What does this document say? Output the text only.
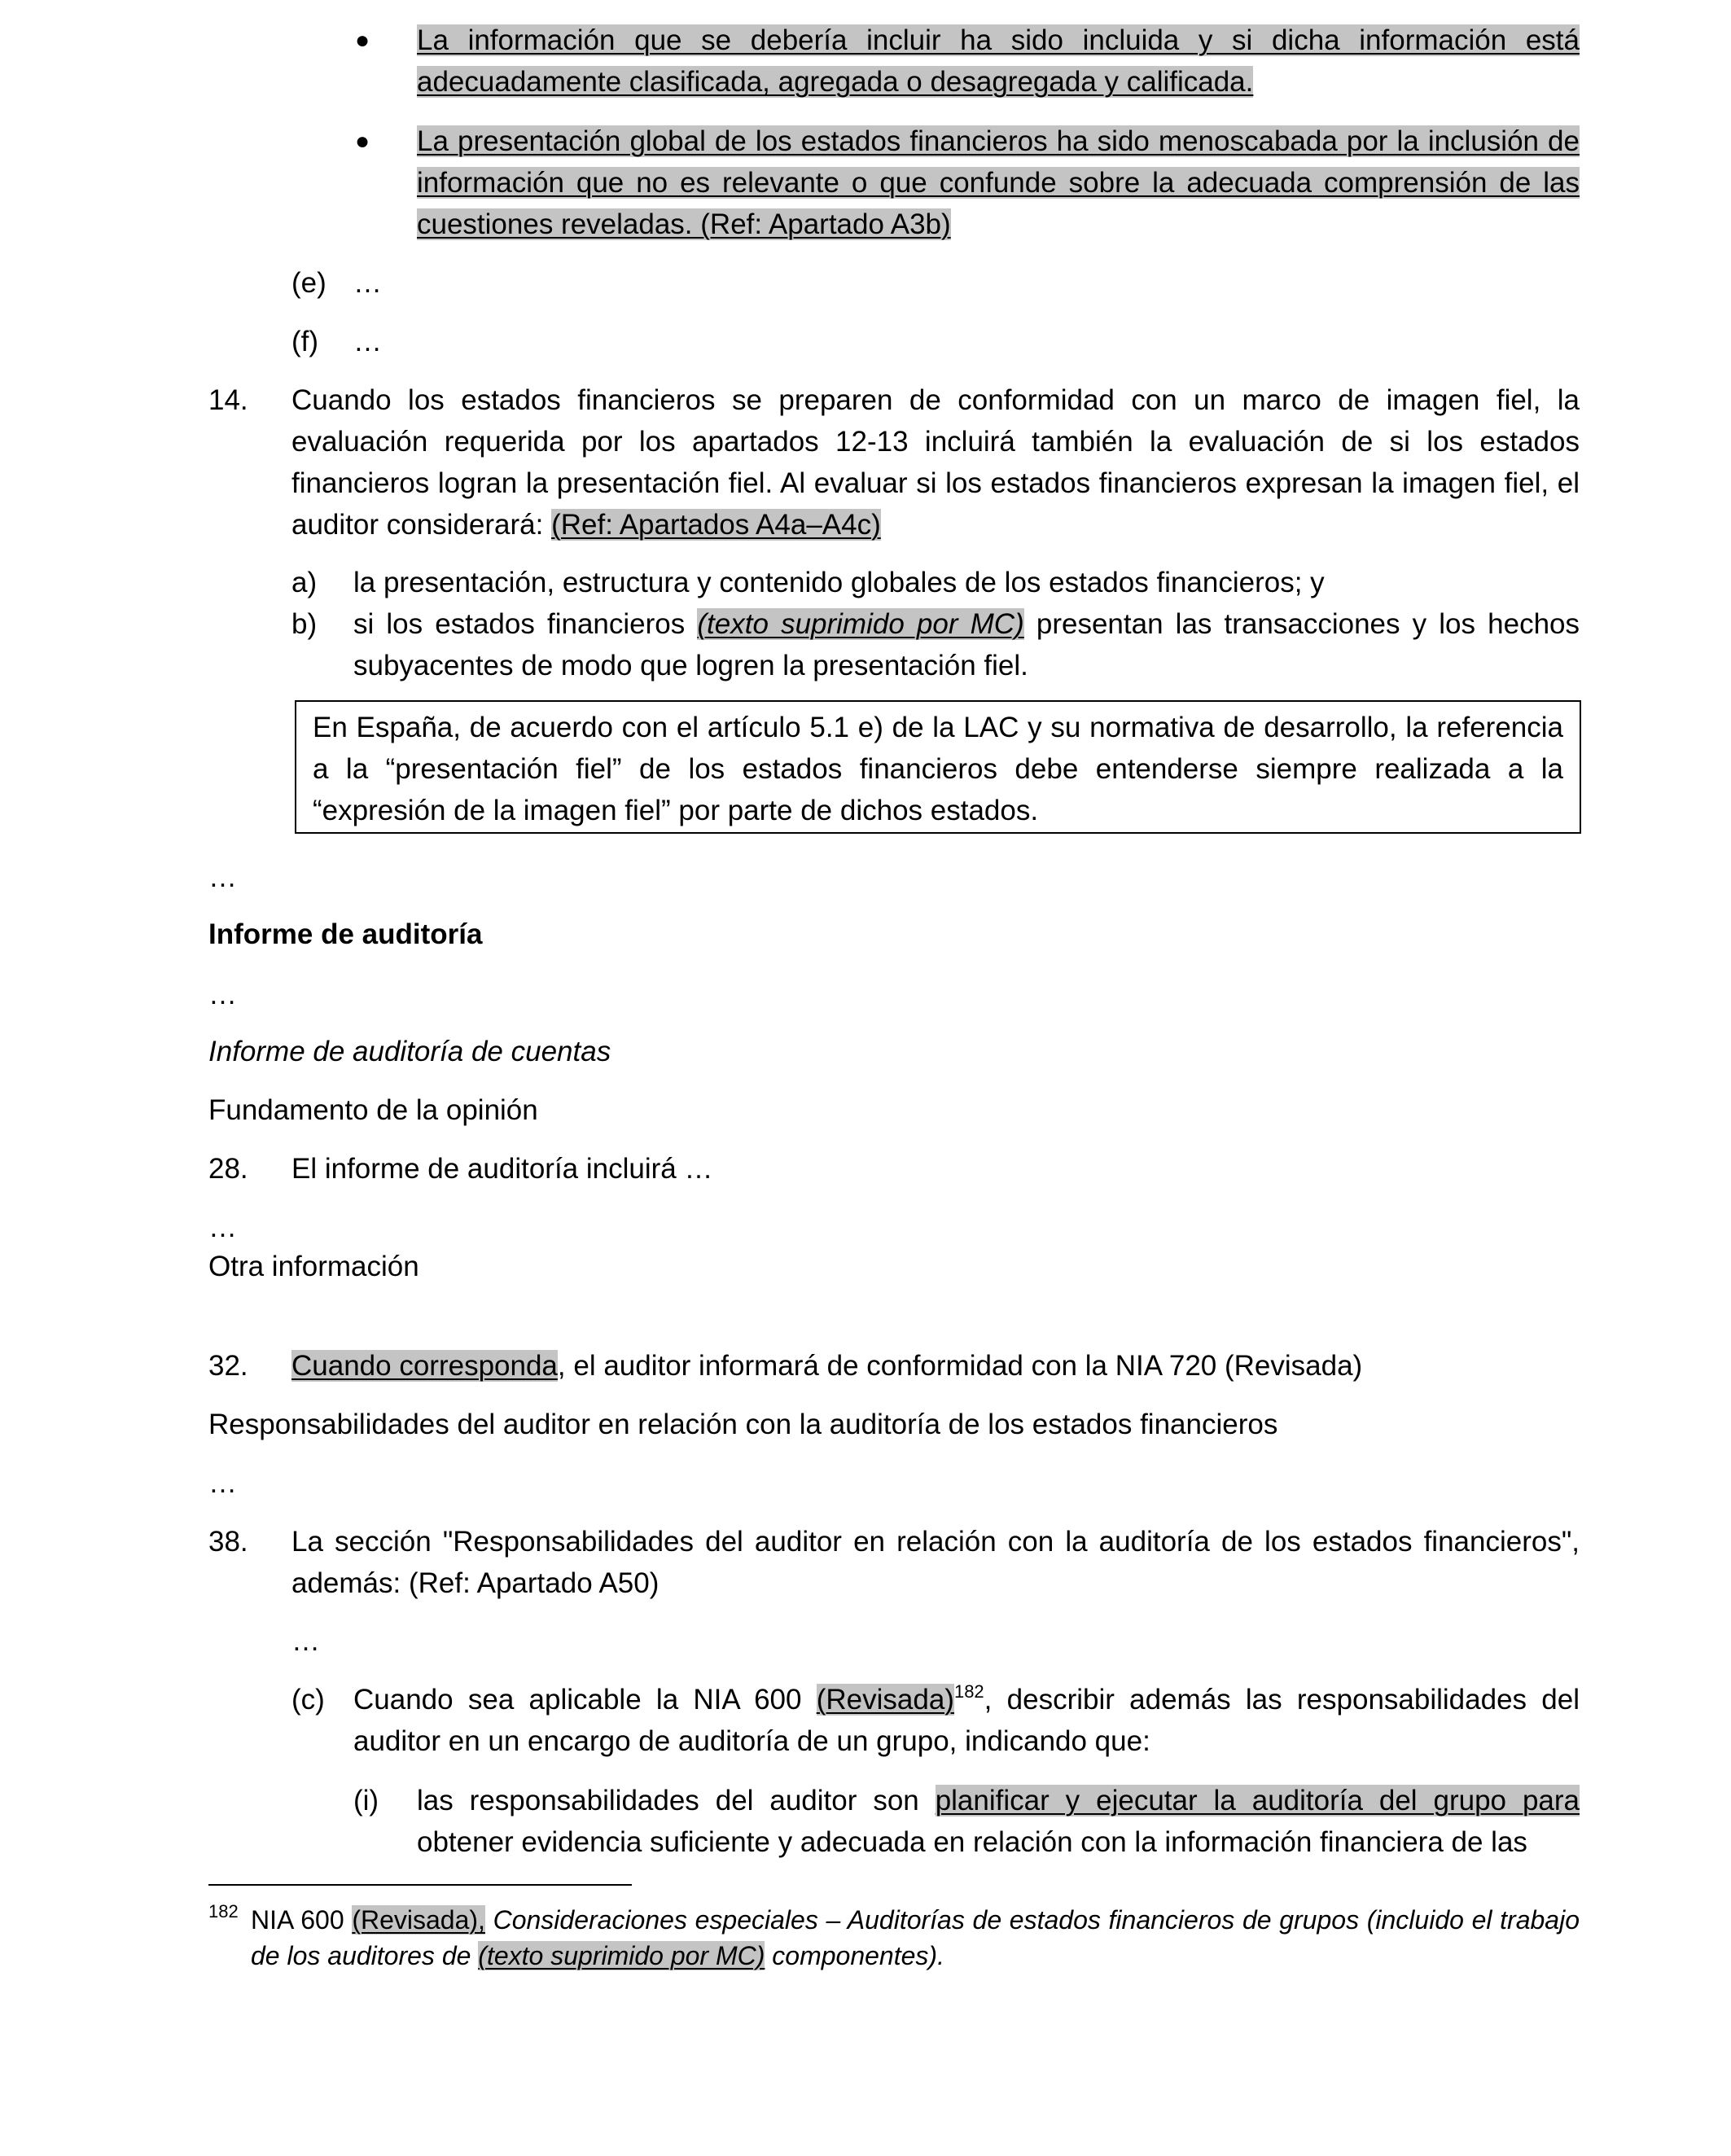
● La información que se debería incluir ha sido incluida y si dicha información está adecuadamente clasificada, agregada o desagregada y calificada.
● La presentación global de los estados financieros ha sido menoscabada por la inclusión de información que no es relevante o que confunde sobre la adecuada comprensión de las cuestiones reveladas. (Ref: Apartado A3b)
(e) …
(f) …
14. Cuando los estados financieros se preparen de conformidad con un marco de imagen fiel, la evaluación requerida por los apartados 12-13 incluirá también la evaluación de si los estados financieros logran la presentación fiel. Al evaluar si los estados financieros expresan la imagen fiel, el auditor considerará: (Ref: Apartados A4a–A4c)
a) la presentación, estructura y contenido globales de los estados financieros; y
b) si los estados financieros (texto suprimido por MC) presentan las transacciones y los hechos subyacentes de modo que logren la presentación fiel.
En España, de acuerdo con el artículo 5.1 e) de la LAC y su normativa de desarrollo, la referencia a la “presentación fiel” de los estados financieros debe entenderse siempre realizada a la “expresión de la imagen fiel” por parte de dichos estados.
…
Informe de auditoría
…
Informe de auditoría de cuentas
Fundamento de la opinión
28. El informe de auditoría incluirá …
…
Otra información
32. Cuando corresponda, el auditor informará de conformidad con la NIA 720 (Revisada)
Responsabilidades del auditor en relación con la auditoría de los estados financieros
…
38. La sección "Responsabilidades del auditor en relación con la auditoría de los estados financieros", además: (Ref: Apartado A50)
…
(c) Cuando sea aplicable la NIA 600 (Revisada)$^{182}$, describir además las responsabilidades del auditor en un encargo de auditoría de un grupo, indicando que:
(i) las responsabilidades del auditor son planificar y ejecutar la auditoría del grupo para obtener evidencia suficiente y adecuada en relación con la información financiera de las
$^{182}$ NIA 600 (Revisada), Consideraciones especiales – Auditorías de estados financieros de grupos (incluido el trabajo de los auditores de (texto suprimido por MC) componentes).
